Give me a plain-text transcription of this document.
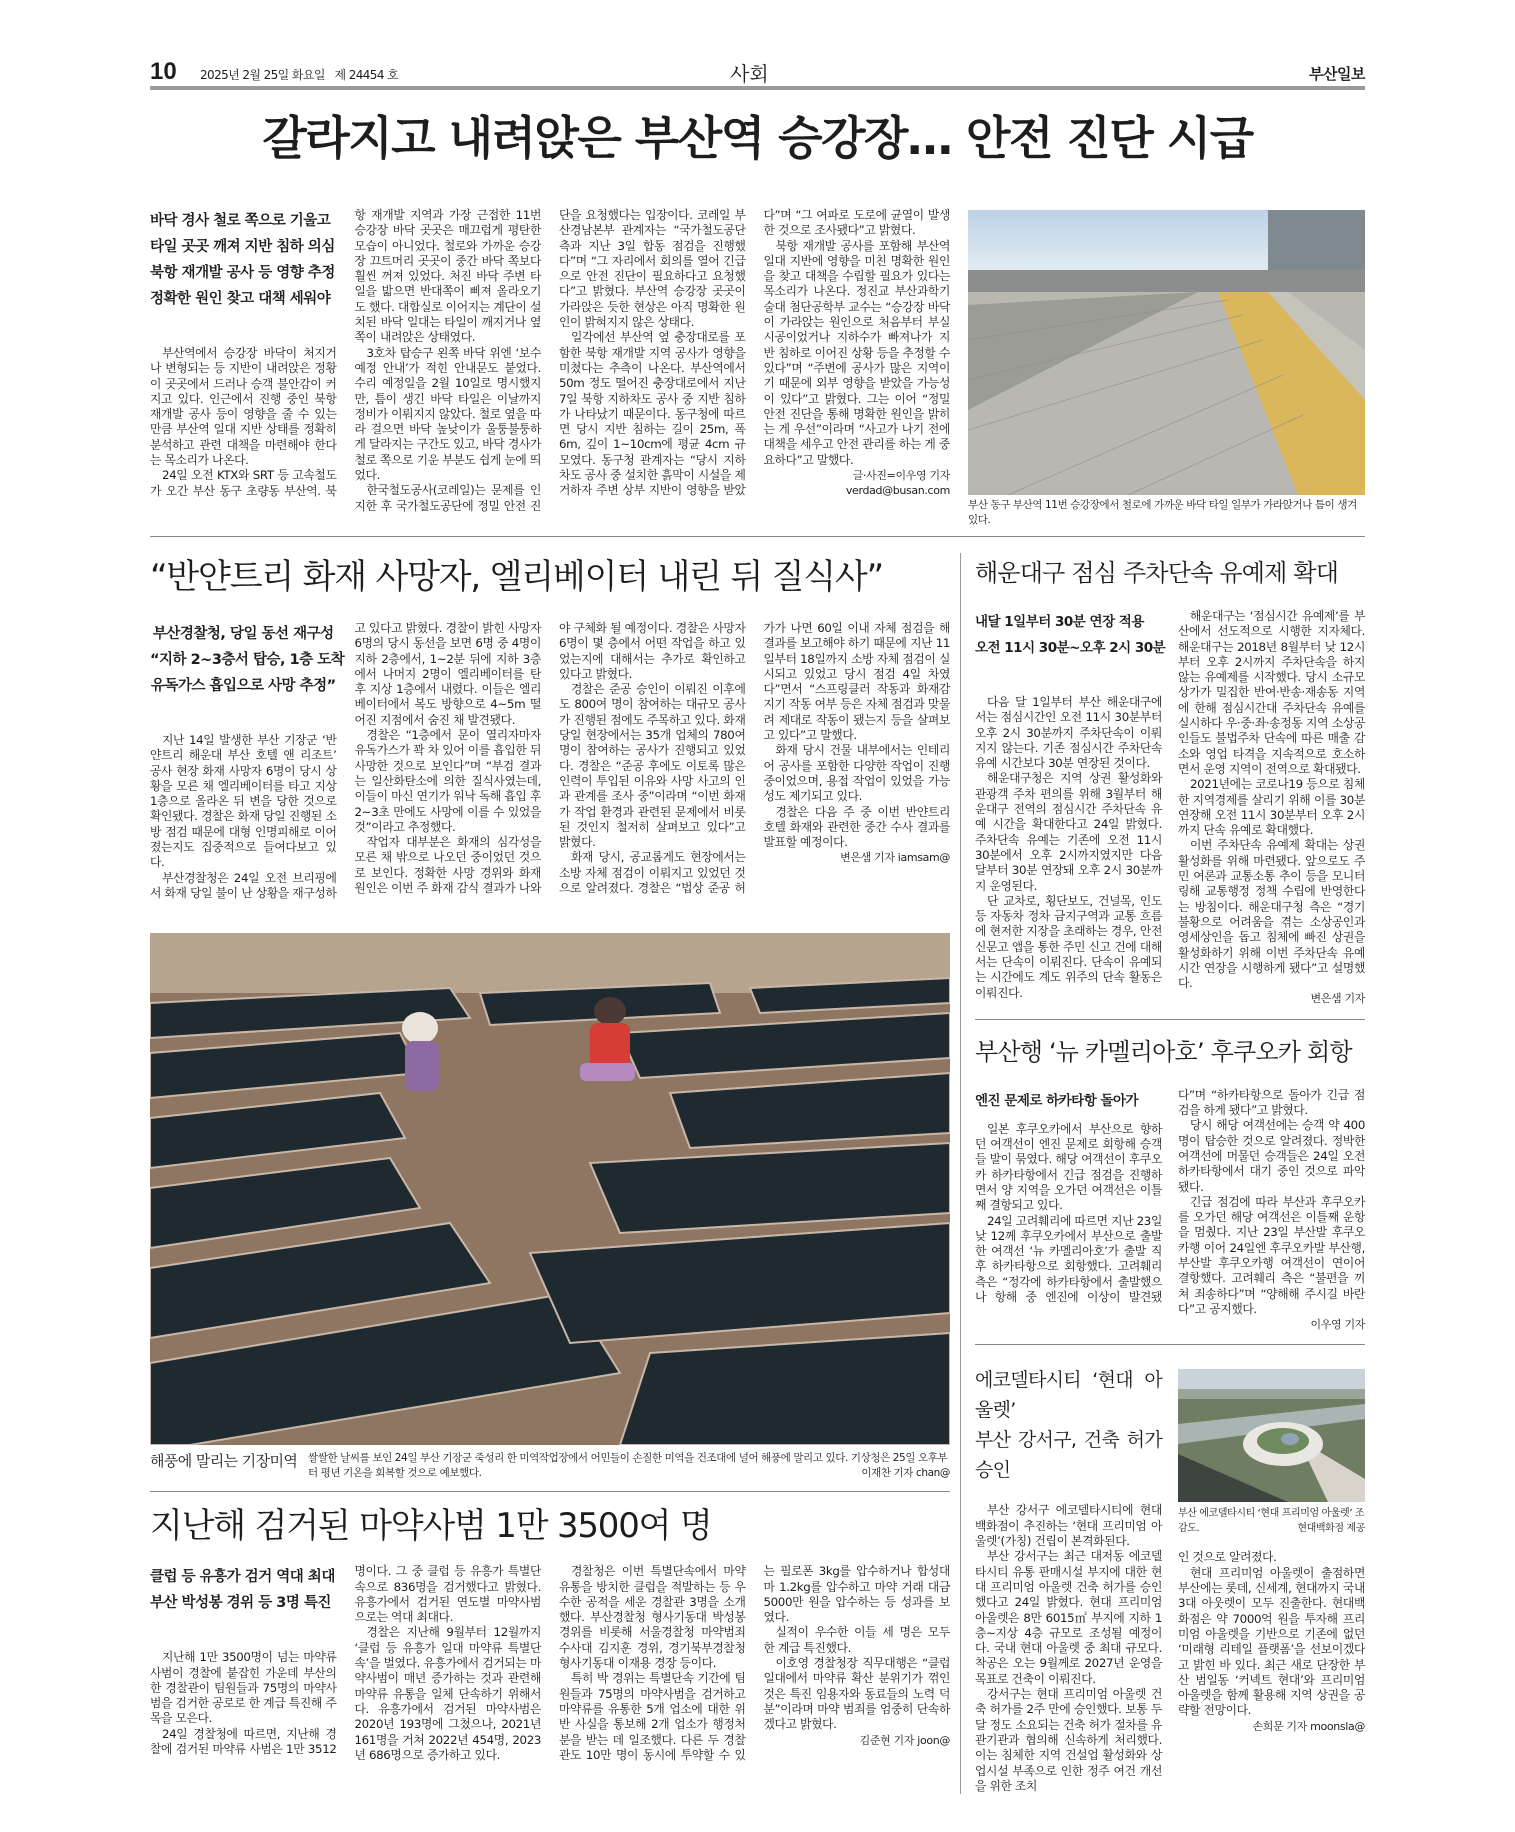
10 2025년 2월 25일 화요일 제 24454 호	사회	부산일보
갈라지고 내려앉은 부산역 승강장… 안전 진단 시급
바닥 경사 철로 쪽으로 기울고
타일 곳곳 깨져 지반 침하 의심
북항 재개발 공사 등 영향 추정
정확한 원인 찾고 대책 세워야

부산역에서 승강장 바닥이 처지거나 변형되는 등 지반이 내려앉은 정황이 곳곳에서 드러나 승객 불안감이 커지고 있다. 인근에서 진행 중인 북항 재개발 공사 등이 영향을 줄 수 있는 만큼 부산역 일대 지반 상태를 정확히 분석하고 관련 대책을 마련해야 한다는 목소리가 나온다.

24일 오전 KTX와 SRT 등 고속철도가 오간 부산 동구 초량동 부산역. 북항 재개발 지역과 가장 근접한 11번 승강장 바닥 곳곳은 매끄럽게 평탄한 모습이 아니었다. 철로와 가까운 승강장 끄트머리 곳곳이 중간 바닥 쪽보다 훨씬 꺼져 있었다. 처진 바닥 주변 타일을 밟으면 반대쪽이 삐져 올라오기도 했다. 대합실로 이어지는 계단이 설치된 바닥 일대는 타일이 깨지거나 옆쪽이 내려앉은 상태였다.

3호차 탑승구 왼쪽 바닥 위엔 ‘보수 예정 안내’가 적힌 안내문도 붙었다. 수리 예정일을 2월 10일로 명시했지만, 틈이 생긴 바닥 타일은 이날까지 정비가 이뤄지지 않았다. 철로 옆을 따라 걸으면 바닥 높낮이가 울퉁불퉁하게 달라지는 구간도 있고, 바닥 경사가 철로 쪽으로 기운 부분도 쉽게 눈에 띄었다.

한국철도공사(코레일)는 문제를 인지한 후 국가철도공단에 정밀 안전 진단을 요청했다는 입장이다. 코레일 부산경남본부 관계자는 “국가철도공단 측과 지난 3일 합동 점검을 진행했다”며 “그 자리에서 회의를 열어 긴급으로 안전 진단이 필요하다고 요청했다”고 밝혔다. 부산역 승강장 곳곳이 가라앉은 듯한 현상은 아직 명확한 원인이 밝혀지지 않은 상태다.

일각에선 부산역 옆 충장대로를 포함한 북항 재개발 지역 공사가 영향을 미쳤다는 추측이 나온다. 부산역에서 50m 정도 떨어진 충장대로에서 지난 7일 북항 지하차도 공사 중 지반 침하가 나타났기 때문이다. 동구청에 따르면 당시 지반 침하는 길이 25m, 폭 6m, 깊이 1~10cm에 평균 4cm 규모였다. 동구청 관계자는 “당시 지하차도 공사 중 설치한 흙막이 시설을 제거하자 주변 상부 지반이 영향을 받았다”며 “그 여파로 도로에 균열이 발생한 것으로 조사됐다”고 밝혔다.

북항 재개발 공사를 포함해 부산역 일대 지반에 영향을 미친 명확한 원인을 찾고 대책을 수립할 필요가 있다는 목소리가 나온다. 정진교 부산과학기술대 첨단공학부 교수는 “승강장 바닥이 가라앉는 원인으로 처음부터 부실 시공이었거나 지하수가 빠져나가 지반 침하로 이어진 상황 등을 추정할 수 있다”며 “주변에 공사가 많은 지역이기 때문에 외부 영향을 받았을 가능성이 있다”고 밝혔다. 그는 이어 “정밀 안전 진단을 통해 명확한 원인을 밝히는 게 우선”이라며 “사고가 나기 전에 대책을 세우고 안전 관리를 하는 게 중요하다”고 말했다.

글·사진=이우영 기자 verdad@busan.com

부산 동구 부산역 11번 승강장에서 철로에 가까운 바닥 타일 일부가 가라앉거나 틈이 생겨 있다.
“반얀트리 화재 사망자, 엘리베이터 내린 뒤 질식사”
부산경찰청, 당일 동선 재구성
“지하 2~3층서 탑승, 1층 도착
유독가스 흡입으로 사망 추정”

지난 14일 발생한 부산 기장군 ‘반얀트리 해운대 부산 호텔 앤 리조트’ 공사 현장 화재 사망자 6명이 당시 상황을 모른 채 엘리베이터를 타고 지상 1층으로 올라온 뒤 변을 당한 것으로 확인됐다. 경찰은 화재 당일 진행된 소방 점검 때문에 대형 인명피해로 이어졌는지도 집중적으로 들여다보고 있다.

부산경찰청은 24일 오전 브리핑에서 화재 당일 불이 난 상황을 재구성하고 있다고 밝혔다. 경찰이 밝힌 사망자 6명의 당시 동선을 보면 6명 중 4명이 지하 2층에서, 1~2분 뒤에 지하 3층에서 나머지 2명이 엘리베이터를 탄 후 지상 1층에서 내렸다. 이들은 엘리베이터에서 복도 방향으로 4~5m 떨어진 지점에서 숨진 채 발견됐다.

경찰은 “1층에서 문이 열리자마자 유독가스가 꽉 차 있어 이를 흡입한 뒤 사망한 것으로 보인다”며 “부검 결과는 일산화탄소에 의한 질식사였는데, 이들이 마신 연기가 워낙 독해 흡입 후 2~3초 만에도 사망에 이를 수 있었을 것”이라고 추정했다.

작업자 대부분은 화재의 심각성을 모른 채 밖으로 나오던 중이었던 것으로 보인다. 정확한 사망 경위와 화재 원인은 이번 주 화재 감식 결과가 나와야 구체화 될 예정이다. 경찰은 사망자 6명이 몇 층에서 어떤 작업을 하고 있었는지에 대해서는 추가로 확인하고 있다고 밝혔다.

경찰은 준공 승인이 이뤄진 이후에도 800여 명이 참여하는 대규모 공사가 진행된 점에도 주목하고 있다. 화재 당일 현장에서는 35개 업체의 780여 명이 참여하는 공사가 진행되고 있었다. 경찰은 “준공 후에도 이토록 많은 인력이 투입된 이유와 사망 사고의 인과 관계를 조사 중”이라며 “이번 화재가 작업 환경과 관련된 문제에서 비롯된 것인지 철저히 살펴보고 있다”고 밝혔다.

화재 당시, 공교롭게도 현장에서는 소방 자체 점검이 이뤄지고 있었던 것으로 알려졌다. 경찰은 “법상 준공 허가가 나면 60일 이내 자체 점검을 해 결과를 보고해야 하기 때문에 지난 11일부터 18일까지 소방 자체 점검이 실시되고 있었고 당시 점검 4일 차였다”면서 “스프링클러 작동과 화재감지기 작동 여부 등은 자체 점검과 맞물려 제대로 작동이 됐는지 등을 살펴보고 있다”고 말했다.

화재 당시 건물 내부에서는 인테리어 공사를 포함한 다양한 작업이 진행 중이었으며, 용접 작업이 있었을 가능성도 제기되고 있다.

경찰은 다음 주 중 이번 반얀트리 호텔 화재와 관련한 중간 수사 결과를 발표할 예정이다.

변은샘 기자 iamsam@

해풍에 말리는 기장미역 쌀쌀한 날씨를 보인 24일 부산 기장군 죽성리 한 미역작업장에서 어민들이 손질한 미역을 건조대에 널어 해풍에 말리고 있다. 기상청은 25일 오후부터 평년 기온을 회복할 것으로 예보했다.	이재찬 기자 chan@
지난해 검거된 마약사범 1만 3500여 명
클럽 등 유흥가 검거 역대 최대
부산 박성봉 경위 등 3명 특진

지난해 1만 3500명이 넘는 마약류 사범이 경찰에 붙잡힌 가운데 부산의 한 경찰관이 팀원들과 75명의 마약사범을 검거한 공로로 한 계급 특진해 주목을 모은다.

24일 경찰청에 따르면, 지난해 경찰에 검거된 마약류 사범은 1만 3512명이다. 그 중 클럽 등 유흥가 특별단속으로 836명을 검거했다고 밝혔다. 유흥가에서 검거된 연도별 마약사범으로는 역대 최대다.

경찰은 지난해 9월부터 12월까지 ‘클럽 등 유흥가 일대 마약류 특별단속’을 벌였다. 유흥가에서 검거되는 마약사범이 매년 증가하는 것과 관련해 마약류 유통을 일체 단속하기 위해서다. 유흥가에서 검거된 마약사범은 2020년 193명에 그쳤으나, 2021년 161명을 거쳐 2022년 454명, 2023년 686명으로 증가하고 있다.

경찰청은 이번 특별단속에서 마약 유통을 방치한 클럽을 적발하는 등 우수한 공적을 세운 경찰관 3명을 소개했다. 부산경찰청 형사기동대 박성봉 경위를 비롯해 서울경찰청 마약범죄수사대 김지훈 경위, 경기북부경찰청 형사기동대 이재용 경장 등이다.

특히 박 경위는 특별단속 기간에 팀원들과 75명의 마약사범을 검거하고 마약류를 유통한 5개 업소에 대한 위반 사실을 통보해 2개 업소가 행정처분을 받는 데 일조했다. 다른 두 경찰관도 10만 명이 동시에 투약할 수 있는 필로폰 3kg를 압수하거나 합성대마 1.2kg를 압수하고 마약 거래 대금 5000만 원을 압수하는 등 성과를 보였다.

실적이 우수한 이들 세 명은 모두 한 계급 특진했다.

이호영 경찰청장 직무대행은 “클럽 일대에서 마약류 확산 분위기가 꺾인 것은 특진 임용자와 동료들의 노력 덕분”이라며 마약 범죄를 엄중히 단속하겠다고 밝혔다.

김준현 기자 joon@

해운대구 점심 주차단속 유예제 확대
내달 1일부터 30분 연장 적용
오전 11시 30분~오후 2시 30분

다음 달 1일부터 부산 해운대구에서는 점심시간인 오전 11시 30분부터 오후 2시 30분까지 주차단속이 이뤄지지 않는다. 기존 점심시간 주차단속 유예 시간보다 30분 연장된 것이다.

해운대구청은 지역 상권 활성화와 관광객 주차 편의를 위해 3월부터 해운대구 전역의 점심시간 주차단속 유예 시간을 확대한다고 24일 밝혔다. 주차단속 유예는 기존에 오전 11시 30분에서 오후 2시까지였지만 다음 달부터 30분 연장돼 오후 2시 30분까지 운영된다.

단 교차로, 횡단보도, 건널목, 인도 등 자동차 정차 금지구역과 교통 흐름에 현저한 지장을 초래하는 경우, 안전신문고 앱을 통한 주민 신고 건에 대해서는 단속이 이뤄진다. 단속이 유예되는 시간에도 계도 위주의 단속 활동은 이뤄진다.

해운대구는 ‘점심시간 유예제’를 부산에서 선도적으로 시행한 지자체다. 해운대구는 2018년 8월부터 낮 12시부터 오후 2시까지 주차단속을 하지 않는 유예제를 시작했다. 당시 소규모 상가가 밀집한 반여·반송·재송동 지역에 한해 점심시간대 주차단속 유예를 실시하다 우·중·좌·송정동 지역 소상공인들도 불법주차 단속에 따른 매출 감소와 영업 타격을 지속적으로 호소하면서 운영 지역이 전역으로 확대됐다.

2021년에는 코로나19 등으로 침체한 지역경제를 살리기 위해 이를 30분 연장해 오전 11시 30분부터 오후 2시까지 단속 유예로 확대했다.

이번 주차단속 유예제 확대는 상권 활성화를 위해 마련됐다. 앞으로도 주민 여론과 교통소통 추이 등을 모니터링해 교통행정 정책 수립에 반영한다는 방침이다. 해운대구청 측은 “경기 불황으로 어려움을 겪는 소상공인과 영세상인을 돕고 침체에 빠진 상권을 활성화하기 위해 이번 주차단속 유예 시간 연장을 시행하게 됐다”고 설명했다.

변은샘 기자

부산행 ‘뉴 카멜리아호’ 후쿠오카 회항
엔진 문제로 하카타항 돌아가

일본 후쿠오카에서 부산으로 향하던 여객선이 엔진 문제로 회항해 승객들 발이 묶였다. 해당 여객선이 후쿠오카 하카타항에서 긴급 점검을 진행하면서 양 지역을 오가던 여객선은 이틀째 결항되고 있다.

24일 고려훼리에 따르면 지난 23일 낮 12께 후쿠오카에서 부산으로 출발한 여객선 ‘뉴 카멜리아호’가 출발 직후 하카타항으로 회항했다. 고려훼리 측은 “정각에 하카타항에서 출발했으나 항해 중 엔진에 이상이 발견됐다”며 “하카타항으로 돌아가 긴급 점검을 하게 됐다”고 밝혔다.

당시 해당 여객선에는 승객 약 400명이 탑승한 것으로 알려졌다. 정박한 여객선에 머물던 승객들은 24일 오전 하카타항에서 대기 중인 것으로 파악됐다.

긴급 점검에 따라 부산과 후쿠오카를 오가던 해당 여객선은 이틀째 운항을 멈췄다. 지난 23일 부산발 후쿠오카행 이어 24일엔 후쿠오카발 부산행, 부산발 후쿠오카행 여객선이 연이어 결항했다. 고려훼리 측은 “불편을 끼쳐 죄송하다”며 “양해해 주시길 바란다”고 공지했다.

이우영 기자

에코델타시티 ‘현대 아울렛’
부산 강서구, 건축 허가 승인

부산 강서구 에코델타시티에 현대백화점이 추진하는 ‘현대 프리미엄 아울렛’(가칭) 건립이 본격화된다.

부산 강서구는 최근 대저동 에코델타시티 유통 판매시설 부지에 대한 현대 프리미엄 아울렛 건축 허가를 승인했다고 24일 밝혔다. 현대 프리미엄 아울렛은 8만 6015㎡ 부지에 지하 1층~지상 4층 규모로 조성될 예정이다. 국내 현대 아울렛 중 최대 규모다. 착공은 오는 9월께로 2027년 운영을 목표로 건축이 이뤄진다.

강서구는 현대 프리미엄 아울렛 건축 허가를 2주 만에 승인했다. 보통 두 달 정도 소요되는 건축 허가 절차를 유관기관과 협의해 신속하게 처리했다. 이는 침체한 지역 건설업 활성화와 상업시설 부족으로 인한 정주 여건 개선을 위한 조치

부산 에코델타시티 ‘현대 프리미엄 아울렛’ 조감도.	현대백화점 제공

인 것으로 알려졌다.

현대 프리미엄 아울렛이 출점하면 부산에는 롯데, 신세계, 현대까지 국내 3대 아웃렛이 모두 진출한다. 현대백화점은 약 7000억 원을 투자해 프리미엄 아울렛을 기반으로 기존에 없던 ‘미래형 리테일 플랫폼’을 선보이겠다고 밝힌 바 있다. 최근 새로 단장한 부산 범일동 ‘커넥트 현대’와 프리미엄 아울렛을 함께 활용해 지역 상권을 공략할 전망이다.

손희문 기자 moonsla@
